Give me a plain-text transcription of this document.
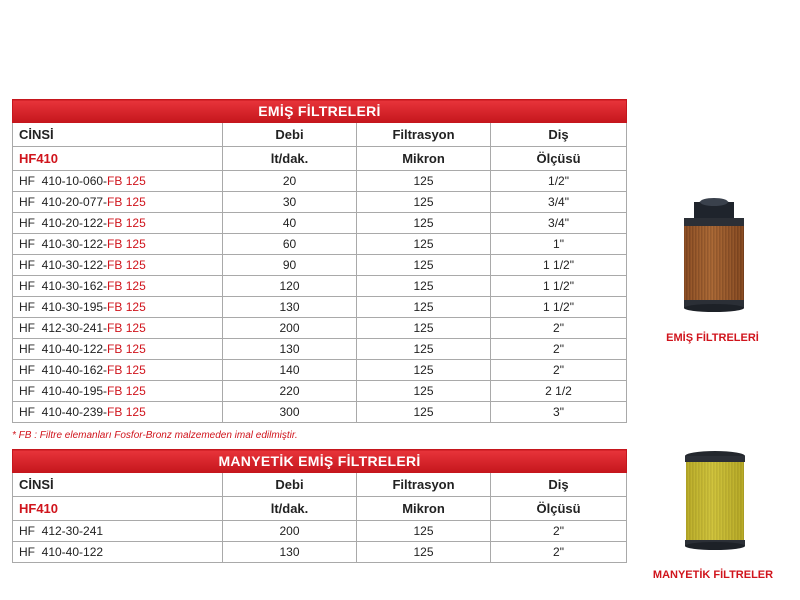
EMİŞ FİLTRELERİ			
CİNSİ	Debi	Filtrasyon	Diş
HF410	lt/dak.	Mikron	Ölçüsü
HF  410-10-060-FB 125	20	125	1/2"
HF  410-20-077-FB 125	30	125	3/4"
HF  410-20-122-FB 125	40	125	3/4"
HF  410-30-122-FB 125	60	125	1"
HF  410-30-122-FB 125	90	125	1 1/2"
HF  410-30-162-FB 125	120	125	1 1/2"
HF  410-30-195-FB 125	130	125	1 1/2"
HF  412-30-241-FB 125	200	125	2"
HF  410-40-122-FB 125	130	125	2"
HF  410-40-162-FB 125	140	125	2"
HF  410-40-195-FB 125	220	125	2 1/2
HF  410-40-239-FB 125	300	125	3"
* FB : Filtre elemanları Fosfor-Bronz malzemeden imal edilmiştir.
MANYETİK EMİŞ FİLTRELERİ			
CİNSİ	Debi	Filtrasyon	Diş
HF410	lt/dak.	Mikron	Ölçüsü
HF  412-30-241	200	125	2"
HF  410-40-122	130	125	2"
EMİŞ FİLTRELERİ
MANYETİK FİLTRELER
